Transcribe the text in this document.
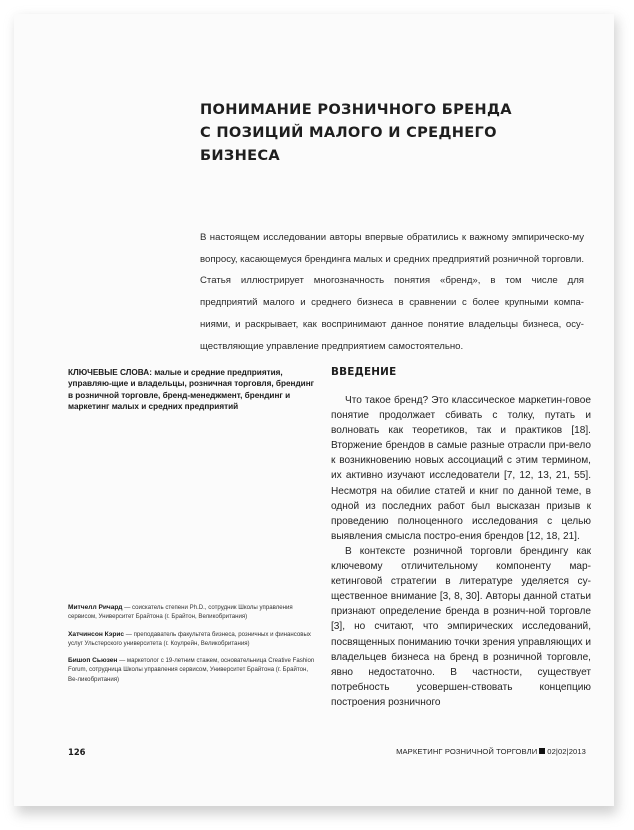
ПОНИМАНИЕ РОЗНИЧНОГО БРЕНДА
С ПОЗИЦИЙ МАЛОГО И СРЕДНЕГО БИЗНЕСА

В настоящем исследовании авторы впервые обратились к важному эмпирическо-му вопросу, касающемуся брендинга малых и средних предприятий розничной торговли. Статья иллюстрирует многозначность понятия «бренд», в том числе для предприятий малого и среднего бизнеса в сравнении с более крупными компа-ниями, и раскрывает, как воспринимают данное понятие владельцы бизнеса, осу-ществляющие управление предприятием самостоятельно.

КЛЮЧЕВЫЕ СЛОВА: малые и средние предприятия, управляю-щие и владельцы, розничная торговля, брендинг в розничной торговле, бренд-менеджмент, брендинг и маркетинг малых и средних предприятий

ВВЕДЕНИЕ

Что такое бренд? Это классическое маркетин-говое понятие продолжает сбивать с толку, путать и волновать как теоретиков, так и практиков [18]. Вторжение брендов в самые разные отрасли при-вело к возникновению новых ассоциаций с этим термином, их активно изучают исследователи [7, 12, 13, 21, 55]. Несмотря на обилие статей и книг по данной теме, в одной из последних работ был высказан призыв к проведению полноценного исследования с целью выявления смысла постро-ения брендов [12, 18, 21].

В контексте розничной торговли брендингу как ключевому отличительному компоненту мар-кетинговой стратегии в литературе уделяется су-щественное внимание [3, 8, 30]. Авторы данной статьи признают определение бренда в рознич-ной торговле [3], но считают, что эмпирических исследований, посвященных пониманию точки зрения управляющих и владельцев бизнеса на бренд в розничной торговле, явно недостаточно. В частности, существует потребность усовершен-ствовать концепцию построения розничного

Митчелл Ричард — соискатель степени Ph.D., сотрудник Школы управления сервисом, Университет Брайтона (г. Брайтон, Великобритания)

Хатчинсон Кэрис — преподаватель факультета бизнеса, розничных и финансовых услуг Ульстерского университета (г. Коулрейн, Великобритания)

Бишоп Сьюзен — маркетолог с 19-летним стажем, основательница Creative Fashion Forum, сотрудница Школы управления сервисом, Университет Брайтона (г. Брайтон, Ве-ликобритания)

126	МАРКЕТИНГ РОЗНИЧНОЙ ТОРГОВЛИ 02|02|2013
